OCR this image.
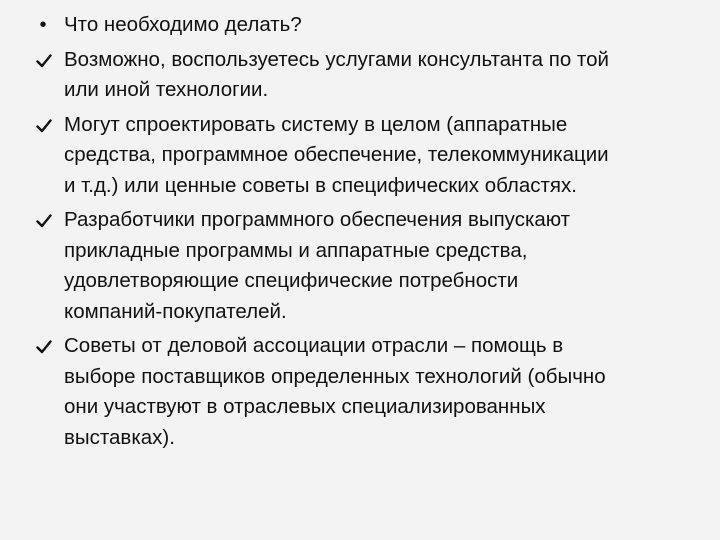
• Что необходимо делать?
Возможно, воспользуетесь услугами консультанта по той
или иной технологии.
Могут спроектировать систему в целом (аппаратные
средства, программное обеспечение, телекоммуникации
и т.д.) или ценные советы в специфических областях.
Разработчики программного обеспечения выпускают
прикладные программы и аппаратные средства,
удовлетворяющие специфические потребности
компаний-покупателей.
Советы от деловой ассоциации отрасли – помощь в
выборе поставщиков определенных технологий (обычно
они участвуют в отраслевых специализированных
выставках).
